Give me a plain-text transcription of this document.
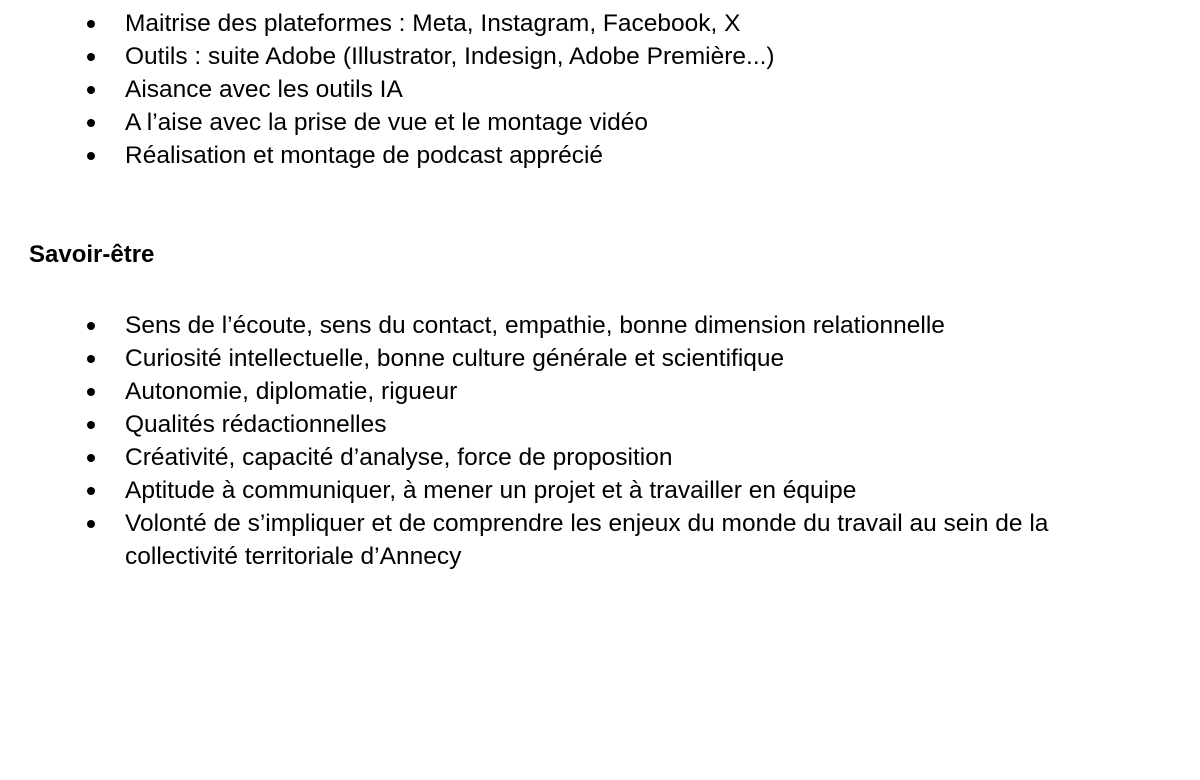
Maitrise des plateformes : Meta, Instagram, Facebook, X
Outils : suite Adobe (Illustrator, Indesign, Adobe Première...)
Aisance avec les outils IA
A l’aise avec la prise de vue et le montage vidéo
Réalisation et montage de podcast apprécié
Savoir-être
Sens de l’écoute, sens du contact, empathie, bonne dimension relationnelle
Curiosité intellectuelle, bonne culture générale et scientifique
Autonomie, diplomatie, rigueur
Qualités rédactionnelles
Créativité, capacité d’analyse, force de proposition
Aptitude à communiquer, à mener un projet et à travailler en équipe
Volonté de s’impliquer et de comprendre les enjeux du monde du travail au sein de la collectivité territoriale d’Annecy
